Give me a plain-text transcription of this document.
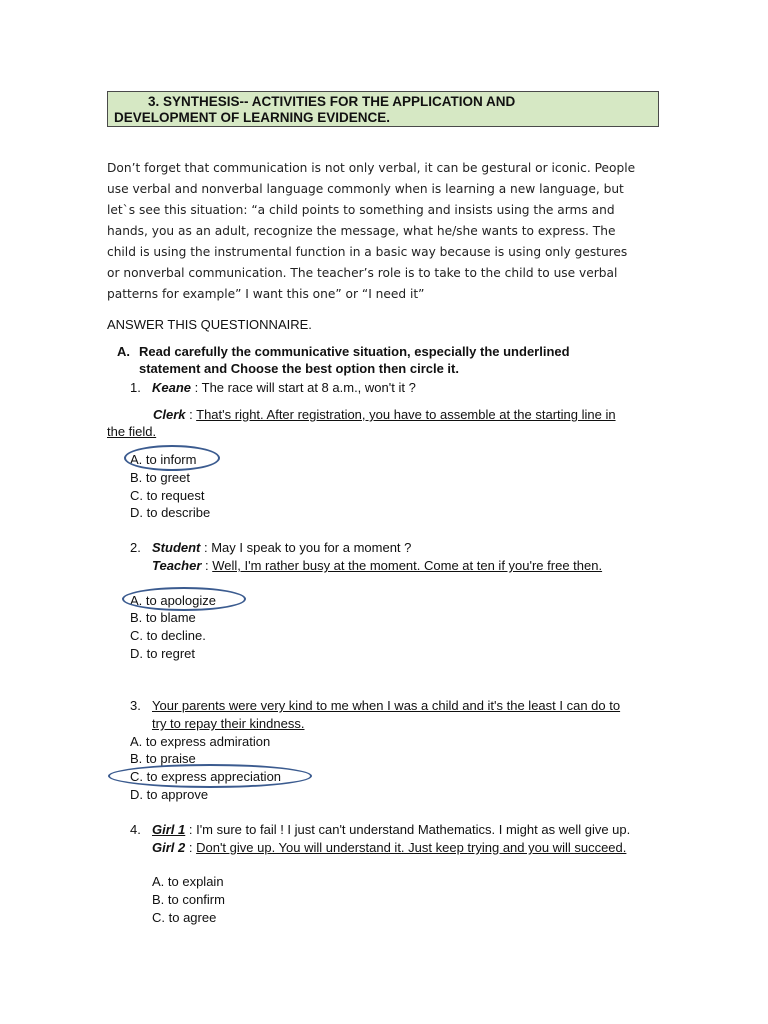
3. SYNTHESIS-- ACTIVITIES FOR THE APPLICATION AND
DEVELOPMENT OF LEARNING EVIDENCE.
Don’t forget that communication is not only verbal, it can be gestural or iconic. People
use verbal and nonverbal language commonly when is learning a new language, but
let`s see this situation: “a child points to something and insists using the arms and
hands, you as an adult, recognize the message, what he/she wants to express. The
child is using the instrumental function in a basic way because is using only gestures
or nonverbal communication. The teacher’s role is to take to the child to use verbal
patterns for example” I want this one” or “I need it”
ANSWER THIS QUESTIONNAIRE.
A. Read carefully the communicative situation, especially the underlined
statement and Choose the best option then circle it.
1. Keane : The race will start at 8 a.m., won't it ?
Clerk : That's right. After registration, you have to assemble at the starting line in
the field.
A. to inform
B. to greet
C. to request
D. to describe
2. Student : May I speak to you for a moment ?
Teacher : Well, I'm rather busy at the moment. Come at ten if you're free then.
A. to apologize
B. to blame
C. to decline.
D. to regret
3. Your parents were very kind to me when I was a child and it's the least I can do to
try to repay their kindness.
A. to express admiration
B. to praise
C. to express appreciation
D. to approve
4. Girl 1 : I'm sure to fail ! I just can't understand Mathematics. I might as well give up.
Girl 2 : Don't give up. You will understand it. Just keep trying and you will succeed.
A. to explain
B. to confirm
C. to agree
